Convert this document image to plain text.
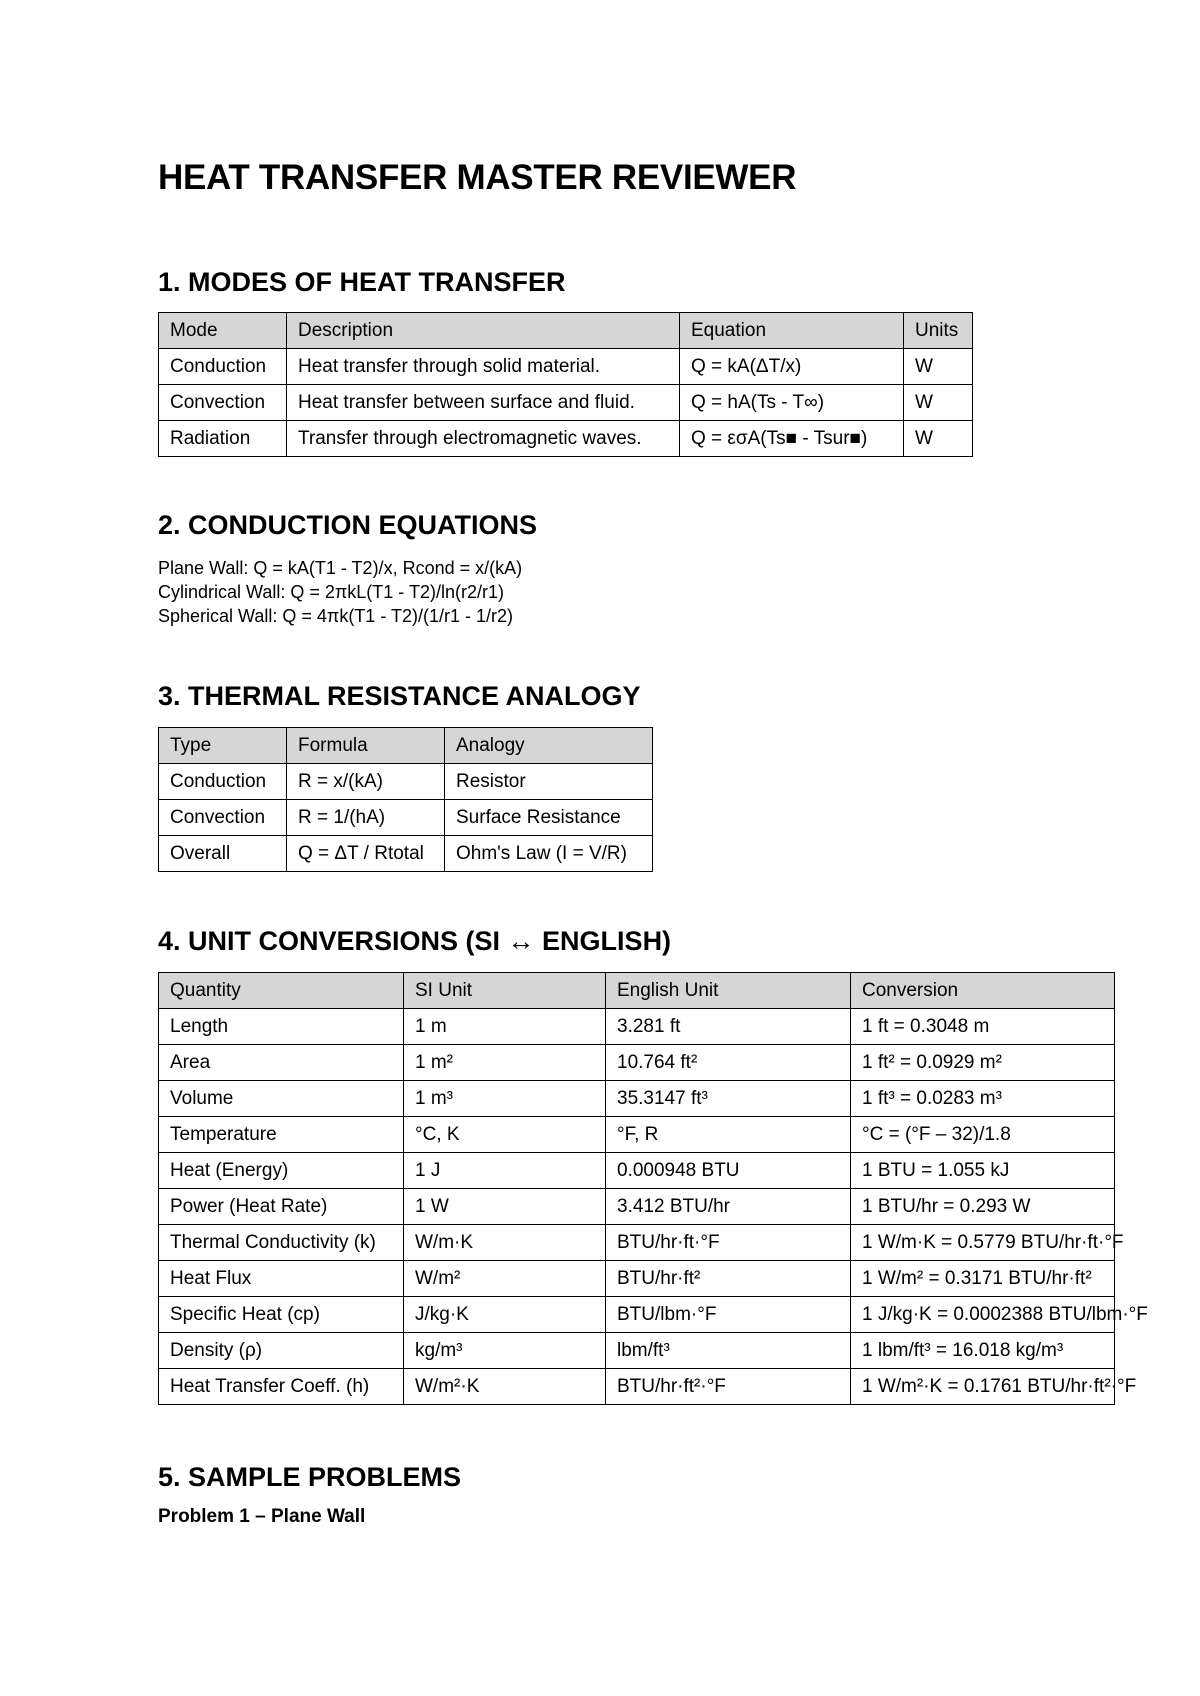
HEAT TRANSFER MASTER REVIEWER
1. MODES OF HEAT TRANSFER
Mode	Description	Equation	Units
Conduction	Heat transfer through solid material.	Q = kA(ΔT/x)	W
Convection	Heat transfer between surface and fluid.	Q = hA(Ts - T∞)	W
Radiation	Transfer through electromagnetic waves.	Q = εσA(Ts■ - Tsur■)	W
2. CONDUCTION EQUATIONS
Plane Wall: Q = kA(T1 - T2)/x, Rcond = x/(kA)
Cylindrical Wall: Q = 2πkL(T1 - T2)/ln(r2/r1)
Spherical Wall: Q = 4πk(T1 - T2)/(1/r1 - 1/r2)
3. THERMAL RESISTANCE ANALOGY
Type	Formula	Analogy
Conduction	R = x/(kA)	Resistor
Convection	R = 1/(hA)	Surface Resistance
Overall	Q = ΔT / Rtotal	Ohm's Law (I = V/R)
4. UNIT CONVERSIONS (SI ↔ ENGLISH)
Quantity	SI Unit	English Unit	Conversion
Length	1 m	3.281 ft	1 ft = 0.3048 m
Area	1 m²	10.764 ft²	1 ft² = 0.0929 m²
Volume	1 m³	35.3147 ft³	1 ft³ = 0.0283 m³
Temperature	°C, K	°F, R	°C = (°F – 32)/1.8
Heat (Energy)	1 J	0.000948 BTU	1 BTU = 1.055 kJ
Power (Heat Rate)	1 W	3.412 BTU/hr	1 BTU/hr = 0.293 W
Thermal Conductivity (k)	W/m·K	BTU/hr·ft·°F	1 W/m·K = 0.5779 BTU/hr·ft·°F
Heat Flux	W/m²	BTU/hr·ft²	1 W/m² = 0.3171 BTU/hr·ft²
Specific Heat (cp)	J/kg·K	BTU/lbm·°F	1 J/kg·K = 0.0002388 BTU/lbm·°F
Density (ρ)	kg/m³	lbm/ft³	1 lbm/ft³ = 16.018 kg/m³
Heat Transfer Coeff. (h)	W/m²·K	BTU/hr·ft²·°F	1 W/m²·K = 0.1761 BTU/hr·ft²·°F
5. SAMPLE PROBLEMS

Problem 1 – Plane Wall
